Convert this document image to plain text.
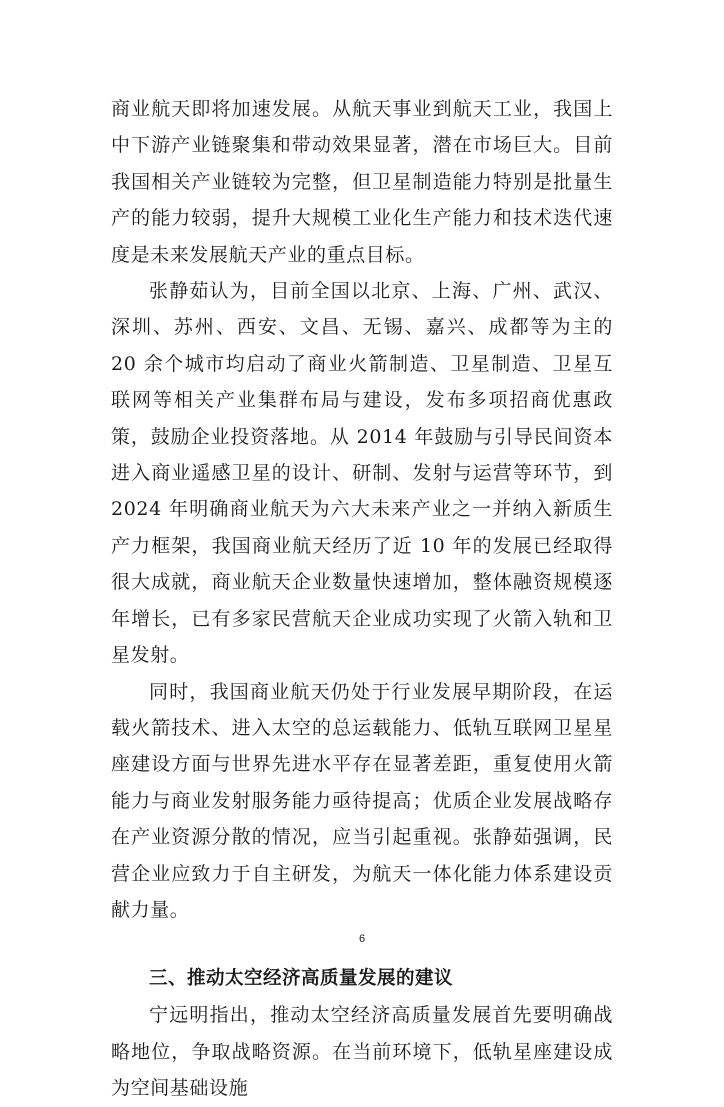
商业航天即将加速发展。从航天事业到航天工业，我国上中下游产业链聚集和带动效果显著，潜在市场巨大。目前我国相关产业链较为完整，但卫星制造能力特别是批量生产的能力较弱，提升大规模工业化生产能力和技术迭代速度是未来发展航天产业的重点目标。

张静茹认为，目前全国以北京、上海、广州、武汉、深圳、苏州、西安、文昌、无锡、嘉兴、成都等为主的 20 余个城市均启动了商业火箭制造、卫星制造、卫星互联网等相关产业集群布局与建设，发布多项招商优惠政策，鼓励企业投资落地。从 2014 年鼓励与引导民间资本进入商业遥感卫星的设计、研制、发射与运营等环节，到 2024 年明确商业航天为六大未来产业之一并纳入新质生产力框架，我国商业航天经历了近 10 年的发展已经取得很大成就，商业航天企业数量快速增加，整体融资规模逐年增长，已有多家民营航天企业成功实现了火箭入轨和卫星发射。

同时，我国商业航天仍处于行业发展早期阶段，在运载火箭技术、进入太空的总运载能力、低轨互联网卫星星座建设方面与世界先进水平存在显著差距，重复使用火箭能力与商业发射服务能力亟待提高；优质企业发展战略存在产业资源分散的情况，应当引起重视。张静茹强调，民营企业应致力于自主研发，为航天一体化能力体系建设贡献力量。

三、推动太空经济高质量发展的建议

宁远明指出，推动太空经济高质量发展首先要明确战略地位，争取战略资源。在当前环境下，低轨星座建设成为空间基础设施

6
